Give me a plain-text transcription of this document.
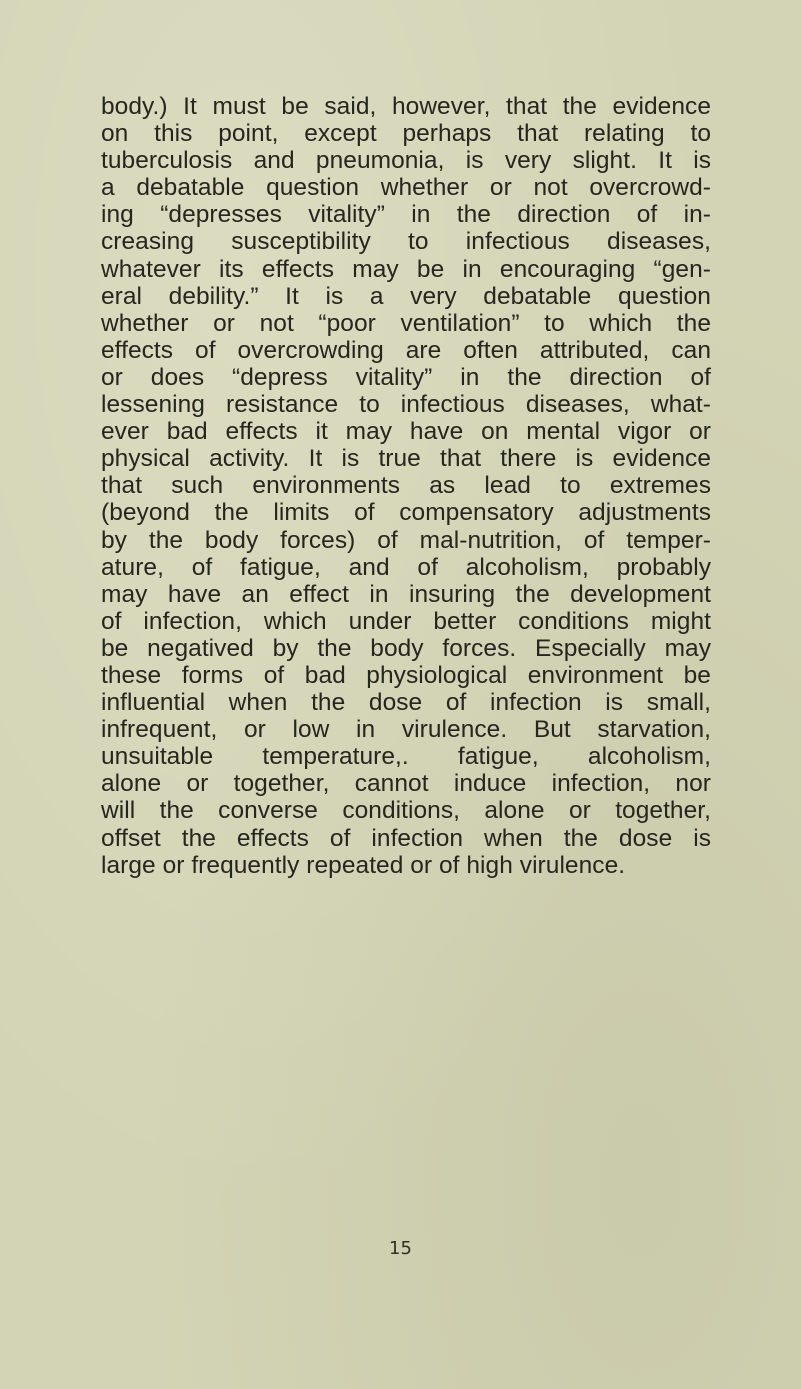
body.) It must be said, however, that the evidence
on this point, except perhaps that relating to
tuberculosis and pneumonia, is very slight. It is
a debatable question whether or not overcrowd-
ing “depresses vitality” in the direction of in-
creasing susceptibility to infectious diseases,
whatever its effects may be in encouraging “gen-
eral debility.” It is a very debatable question
whether or not “poor ventilation” to which the
effects of overcrowding are often attributed, can
or does “depress vitality” in the direction of
lessening resistance to infectious diseases, what-
ever bad effects it may have on mental vigor or
physical activity. It is true that there is evidence
that such environments as lead to extremes
(beyond the limits of compensatory adjustments
by the body forces) of mal-nutrition, of temper-
ature, of fatigue, and of alcoholism, probably
may have an effect in insuring the development
of infection, which under better conditions might
be negatived by the body forces. Especially may
these forms of bad physiological environment be
influential when the dose of infection is small,
infrequent, or low in virulence. But starvation,
unsuitable temperature,. fatigue, alcoholism,
alone or together, cannot induce infection, nor
will the converse conditions, alone or together,
offset the effects of infection when the dose is
large or frequently repeated or of high virulence.
15
